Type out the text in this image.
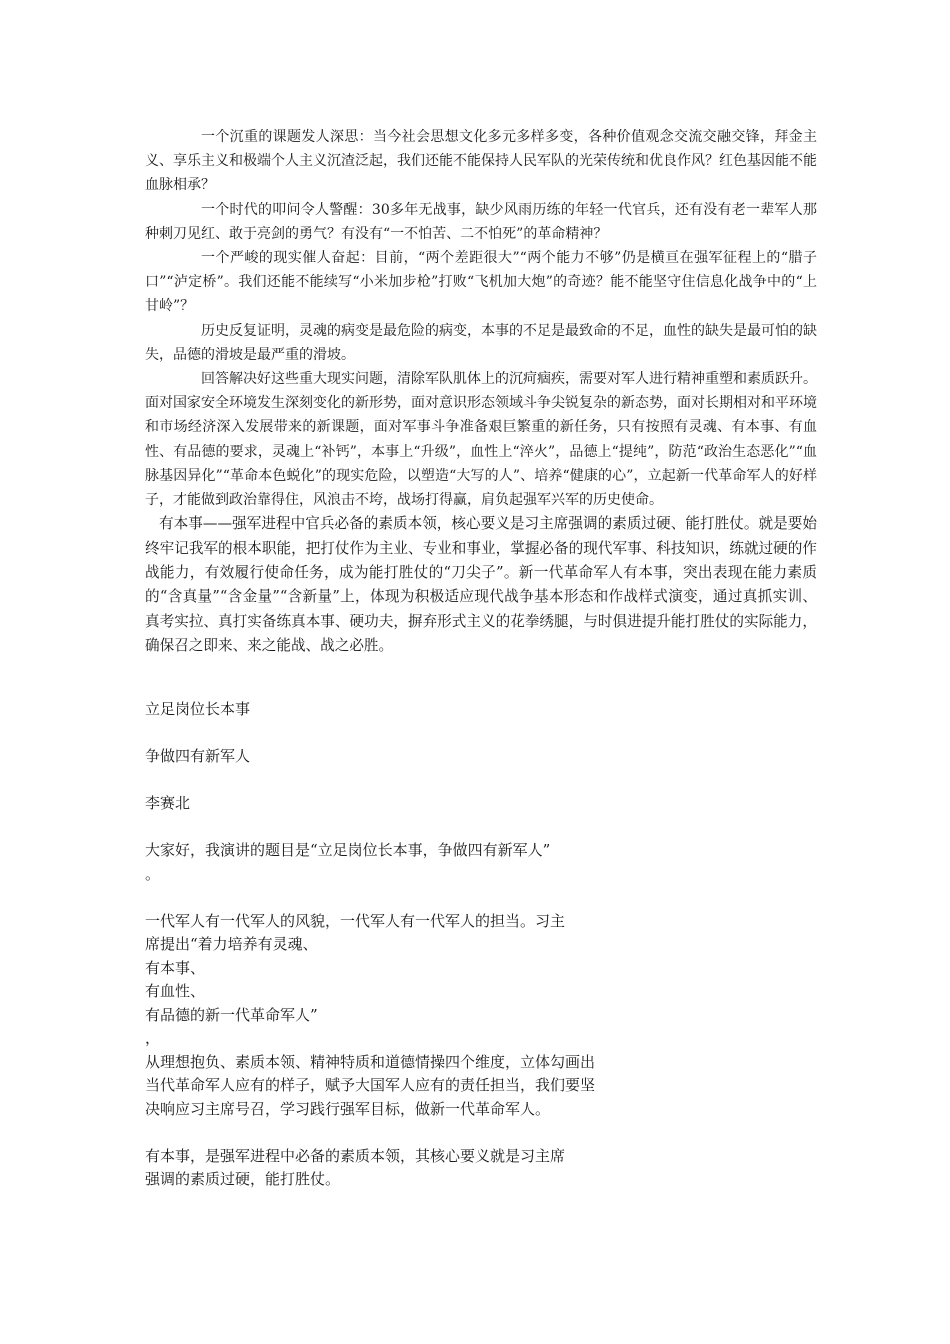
一个沉重的课题发人深思：当今社会思想文化多元多样多变，各种价值观念交流交融交锋，拜金主义、享乐主义和极端个人主义沉渣泛起，我们还能不能保持人民军队的光荣传统和优良作风？红色基因能不能血脉相承？

一个时代的叩问令人警醒：30多年无战事，缺少风雨历练的年轻一代官兵，还有没有老一辈军人那种刺刀见红、敢于亮剑的勇气？有没有“一不怕苦、二不怕死”的革命精神？

一个严峻的现实催人奋起：目前，“两个差距很大”“两个能力不够”仍是横亘在强军征程上的“腊子口”“泸定桥”。我们还能不能续写“小米加步枪”打败“飞机加大炮”的奇迹？能不能坚守住信息化战争中的“上甘岭”？

历史反复证明，灵魂的病变是最危险的病变，本事的不足是最致命的不足，血性的缺失是最可怕的缺失，品德的滑坡是最严重的滑坡。

回答解决好这些重大现实问题，清除军队肌体上的沉疴痼疾，需要对军人进行精神重塑和素质跃升。面对国家安全环境发生深刻变化的新形势，面对意识形态领域斗争尖锐复杂的新态势，面对长期相对和平环境和市场经济深入发展带来的新课题，面对军事斗争准备艰巨繁重的新任务，只有按照有灵魂、有本事、有血性、有品德的要求，灵魂上“补钙”，本事上“升级”，血性上“淬火”，品德上“提纯”，防范“政治生态恶化”“血脉基因异化”“革命本色蜕化”的现实危险，以塑造“大写的人”、培养“健康的心”，立起新一代革命军人的好样子，才能做到政治靠得住，风浪击不垮，战场打得赢，肩负起强军兴军的历史使命。

有本事——强军进程中官兵必备的素质本领，核心要义是习主席强调的素质过硬、能打胜仗。就是要始终牢记我军的根本职能，把打仗作为主业、专业和事业，掌握必备的现代军事、科技知识，练就过硬的作战能力，有效履行使命任务，成为能打胜仗的“刀尖子”。新一代革命军人有本事，突出表现在能力素质的“含真量”“含金量”“含新量”上，体现为积极适应现代战争基本形态和作战样式演变，通过真抓实训、真考实拉、真打实备练真本事、硬功夫，摒弃形式主义的花拳绣腿，与时俱进提升能打胜仗的实际能力，确保召之即来、来之能战、战之必胜。

立足岗位长本事
争做四有新军人
李赛北
大家好，我演讲的题目是“立足岗位长本事，争做四有新军人”
。
一代军人有一代军人的风貌，一代军人有一代军人的担当。习主
席提出“着力培养有灵魂、
有本事、
有血性、
有品德的新一代革命军人”
，
从理想抱负、素质本领、精神特质和道德情操四个维度，立体勾画出
当代革命军人应有的样子，赋予大国军人应有的责任担当，我们要坚
决响应习主席号召，学习践行强军目标，做新一代革命军人。
有本事，是强军进程中必备的素质本领，其核心要义就是习主席
强调的素质过硬，能打胜仗。
